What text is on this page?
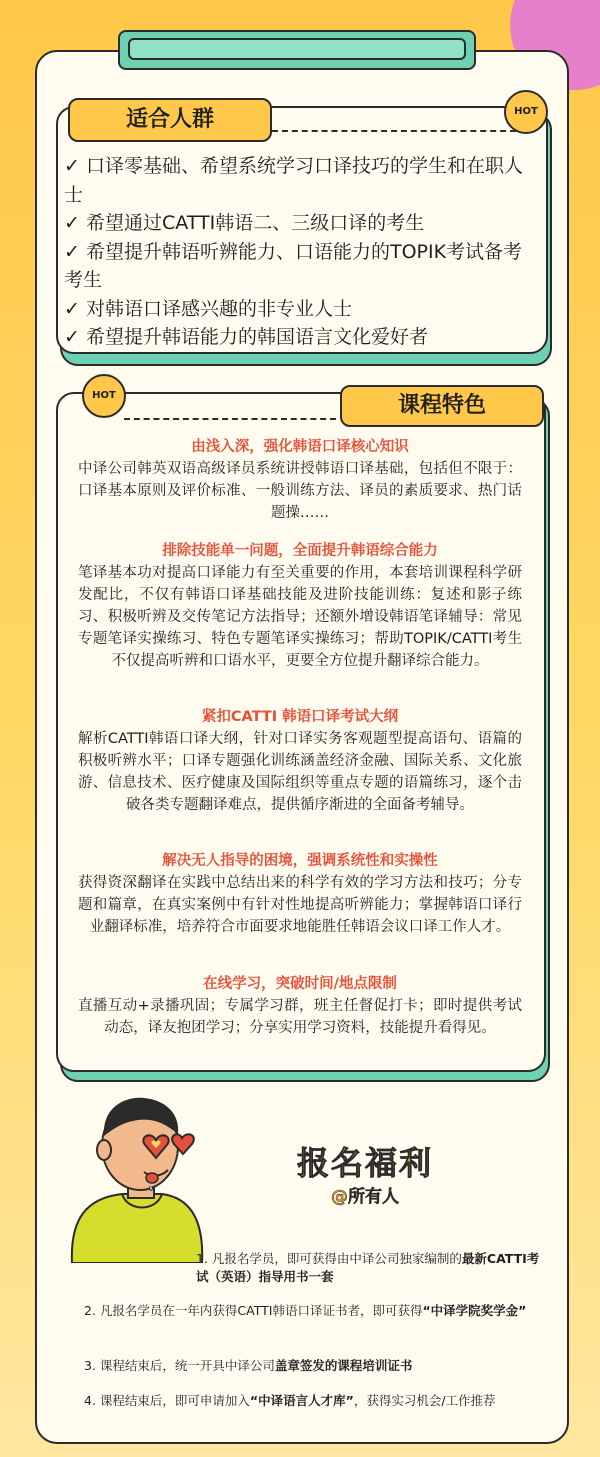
适合人群	HOT
✓ 口译零基础、希望系统学习口译技巧的学生和在职人士
✓ 希望通过CATTI韩语二、三级口译的考生
✓ 希望提升韩语听辨能力、口语能力的TOPIK考试备考考生
✓ 对韩语口译感兴趣的非专业人士
✓ 希望提升韩语能力的韩国语言文化爱好者
课程特色
HOT
由浅入深，强化韩语口译核心知识
中译公司韩英双语高级译员系统讲授韩语口译基础，包括但不限于：口译基本原则及评价标准、一般训练方法、译员的素质要求、热门话题操……
排除技能单一问题，全面提升韩语综合能力
笔译基本功对提高口译能力有至关重要的作用，本套培训课程科学研发配比，不仅有韩语口译基础技能及进阶技能训练：复述和影子练习、积极听辨及交传笔记方法指导；还额外增设韩语笔译辅导：常见专题笔译实操练习、特色专题笔译实操练习；帮助TOPIK/CATTI考生不仅提高听辨和口语水平，更要全方位提升翻译综合能力。
紧扣CATTI 韩语口译考试大纲
解析CATTI韩语口译大纲，针对口译实务客观题型提高语句、语篇的积极听辨水平；口译专题强化训练涵盖经济金融、国际关系、文化旅游、信息技术、医疗健康及国际组织等重点专题的语篇练习，逐个击破各类专题翻译难点，提供循序渐进的全面备考辅导。
解决无人指导的困境，强调系统性和实操性
获得资深翻译在实践中总结出来的科学有效的学习方法和技巧；分专题和篇章，在真实案例中有针对性地提高听辨能力；掌握韩语口译行业翻译标准，培养符合市面要求地能胜任韩语会议口译工作人才。
在线学习，突破时间/地点限制
直播互动+录播巩固；专属学习群，班主任督促打卡；即时提供考试动态，译友抱团学习；分享实用学习资料，技能提升看得见。
报名福利
@所有人
1. 凡报名学员，即可获得由中译公司独家编制的最新CATTI考试（英语）指导用书一套
2. 凡报名学员在一年内获得CATTI韩语口译证书者，即可获得“中译学院奖学金”
3. 课程结束后，统一开具中译公司盖章签发的课程培训证书
4. 课程结束后，即可申请加入“中译语言人才库”，获得实习机会/工作推荐
